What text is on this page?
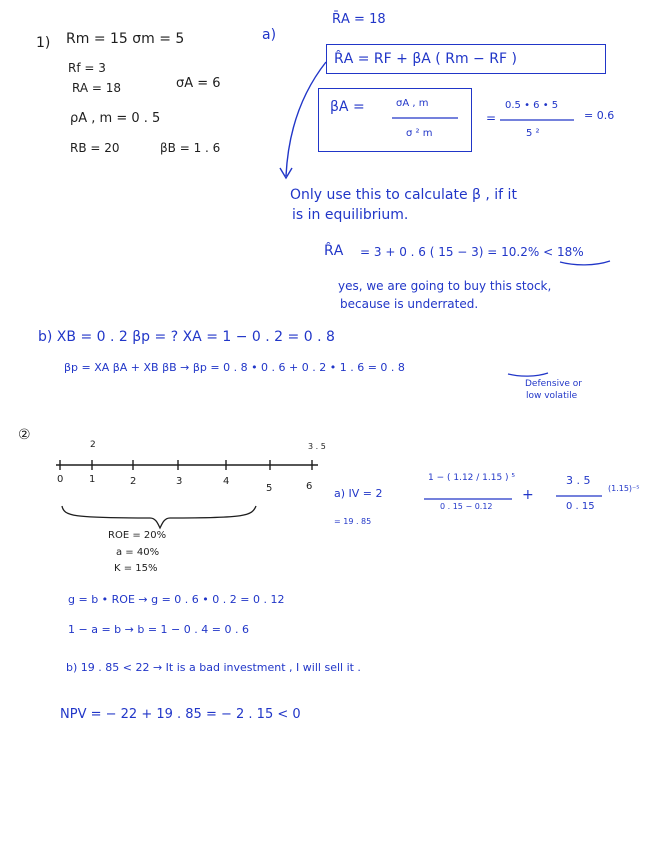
1) Rm = 15 σm = 5
Rf = 3
RA = 18	σA = 6
ρA , m = 0 . 5
RB = 20	βB = 1 . 6
a)
R̄A = 18
R̂A = RF + βA ( Rm − RF )
βA =	σA , m
σ ² m
=
0.5 • 6 • 5
5 ²
= 0.6
Only use this to calculate β , if it
is in equilibrium.
R̂A = 3 + 0 . 6 ( 15 − 3) = 10.2% < 18%
yes, we are going to buy this stock,
because is underrated.
b) XB = 0 . 2 βp = ? XA = 1 − 0 . 2 = 0 . 8
βp = XA βA + XB βB → βp = 0 . 8 • 0 . 6 + 0 . 2 • 1 . 6 = 0 . 8
Defensive or
low volatile
②
2	3 . 5
0	1	2	3	4
5	6
ROE = 20%
a = 40%
K = 15%
a) IV = 2
1 − ( 1.12 / 1.15 ) ⁵
0 . 15 − 0.12
+
3 . 5
0 . 15
(1.15)⁻⁵
= 19 . 85
g = b • ROE → g = 0 . 6 • 0 . 2 = 0 . 12
1 − a = b → b = 1 − 0 . 4 = 0 . 6
b) 19 . 85 < 22 → It is a bad investment , I will sell it .
NPV = − 22 + 19 . 85 = − 2 . 15 < 0
